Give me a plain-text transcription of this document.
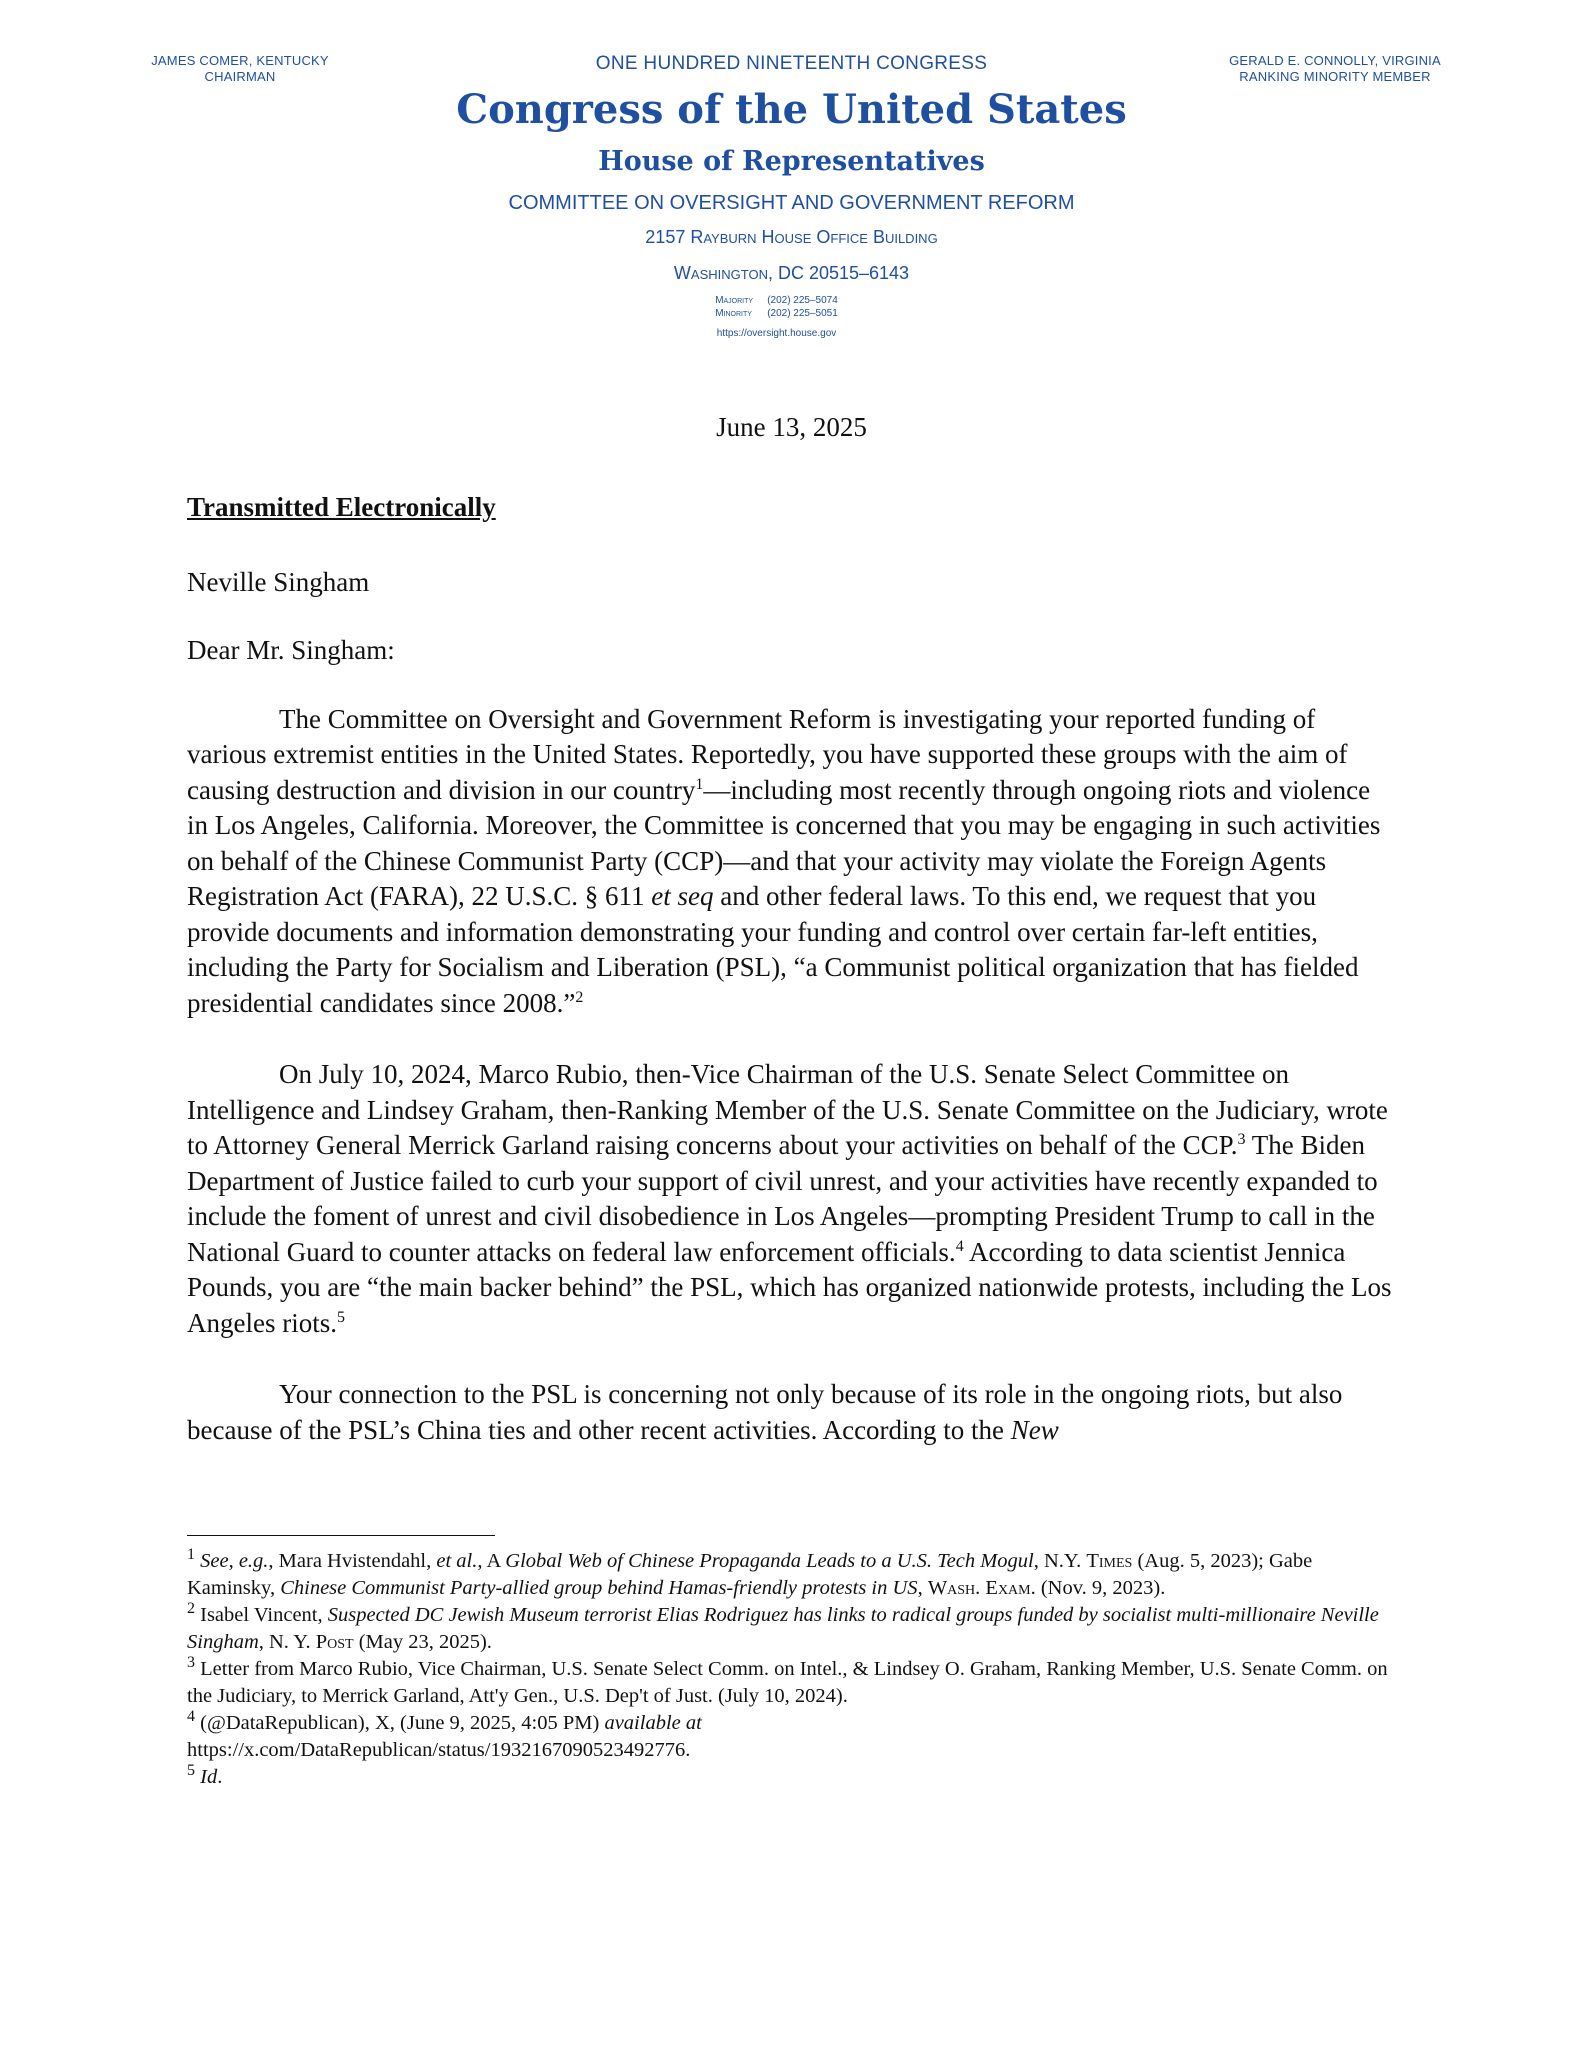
JAMES COMER, KENTUCKY
CHAIRMAN
GERALD E. CONNOLLY, VIRGINIA
RANKING MINORITY MEMBER
ONE HUNDRED NINETEENTH CONGRESS
Congress of the United States
House of Representatives
COMMITTEE ON OVERSIGHT AND GOVERNMENT REFORM
2157 Rayburn House Office Building
Washington, DC 20515–6143
Majority (202) 225–5074
Minority (202) 225–5051
https://oversight.house.gov
June 13, 2025

Transmitted Electronically

Neville Singham

Dear Mr. Singham:

The Committee on Oversight and Government Reform is investigating your reported funding of various extremist entities in the United States. Reportedly, you have supported these groups with the aim of causing destruction and division in our country$^1$—including most recently through ongoing riots and violence in Los Angeles, California. Moreover, the Committee is concerned that you may be engaging in such activities on behalf of the Chinese Communist Party (CCP)—and that your activity may violate the Foreign Agents Registration Act (FARA), 22 U.S.C. § 611 et seq and other federal laws. To this end, we request that you provide documents and information demonstrating your funding and control over certain far-left entities, including the Party for Socialism and Liberation (PSL), “a Communist political organization that has fielded presidential candidates since 2008.”$^2$

On July 10, 2024, Marco Rubio, then-Vice Chairman of the U.S. Senate Select Committee on Intelligence and Lindsey Graham, then-Ranking Member of the U.S. Senate Committee on the Judiciary, wrote to Attorney General Merrick Garland raising concerns about your activities on behalf of the CCP.$^3$ The Biden Department of Justice failed to curb your support of civil unrest, and your activities have recently expanded to include the foment of unrest and civil disobedience in Los Angeles—prompting President Trump to call in the National Guard to counter attacks on federal law enforcement officials.$^4$ According to data scientist Jennica Pounds, you are “the main backer behind” the PSL, which has organized nationwide protests, including the Los Angeles riots.$^5$

Your connection to the PSL is concerning not only because of its role in the ongoing riots, but also because of the PSL’s China ties and other recent activities. According to the New

$^1$ See, e.g., Mara Hvistendahl, et al., A Global Web of Chinese Propaganda Leads to a U.S. Tech Mogul, N.Y. Times (Aug. 5, 2023); Gabe Kaminsky, Chinese Communist Party-allied group behind Hamas-friendly protests in US, Wash. Exam. (Nov. 9, 2023).

$^2$ Isabel Vincent, Suspected DC Jewish Museum terrorist Elias Rodriguez has links to radical groups funded by socialist multi-millionaire Neville Singham, N. Y. Post (May 23, 2025).

$^3$ Letter from Marco Rubio, Vice Chairman, U.S. Senate Select Comm. on Intel., & Lindsey O. Graham, Ranking Member, U.S. Senate Comm. on the Judiciary, to Merrick Garland, Att'y Gen., U.S. Dep't of Just. (July 10, 2024).

$^4$ (@DataRepublican), X, (June 9, 2025, 4:05 PM) available at
https://x.com/DataRepublican/status/1932167090523492776.

$^5$ Id.
